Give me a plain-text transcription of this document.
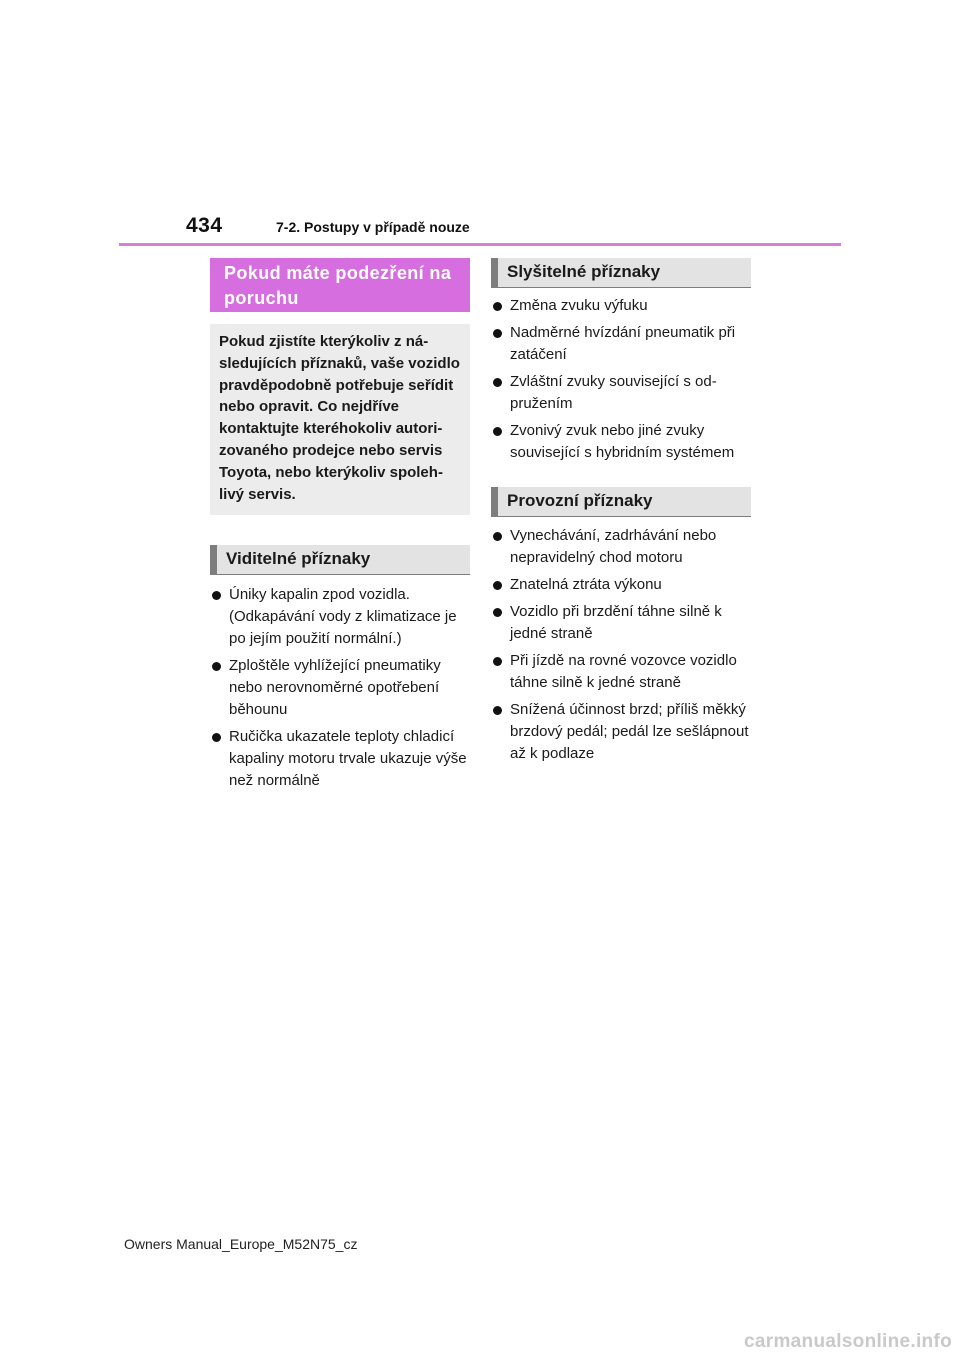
434	7-2. Postupy v případě nouze
Pokud máte podezření na poruchu
Pokud zjistíte kterýkoliv z následujících příznaků, vaše vozidlo pravděpodobně potřebuje seřídit nebo opravit. Co nejdříve kontaktujte kteréhokoliv autorizovaného prodejce nebo servis Toyota, nebo kterýkoliv spolehlivý servis.
Viditelné příznaky
Úniky kapalin zpod vozidla. (Odkapávání vody z klimatizace je po jejím použití normální.)
Zploštěle vyhlížející pneumatiky nebo nerovnoměrné opotřebení běhounu
Ručička ukazatele teploty chladicí kapaliny motoru trvale ukazuje výše než normálně
Slyšitelné příznaky
Změna zvuku výfuku
Nadměrné hvízdání pneumatik při zatáčení
Zvláštní zvuky související s odpružením
Zvonivý zvuk nebo jiné zvuky související s hybridním systémem
Provozní příznaky
Vynechávání, zadrhávání nebo nepravidelný chod motoru
Znatelná ztráta výkonu
Vozidlo při brzdění táhne silně k jedné straně
Při jízdě na rovné vozovce vozidlo táhne silně k jedné straně
Snížená účinnost brzd; příliš měkký brzdový pedál; pedál lze sešlápnout až k podlaze
Owners Manual_Europe_M52N75_cz
carmanualsonline.info
